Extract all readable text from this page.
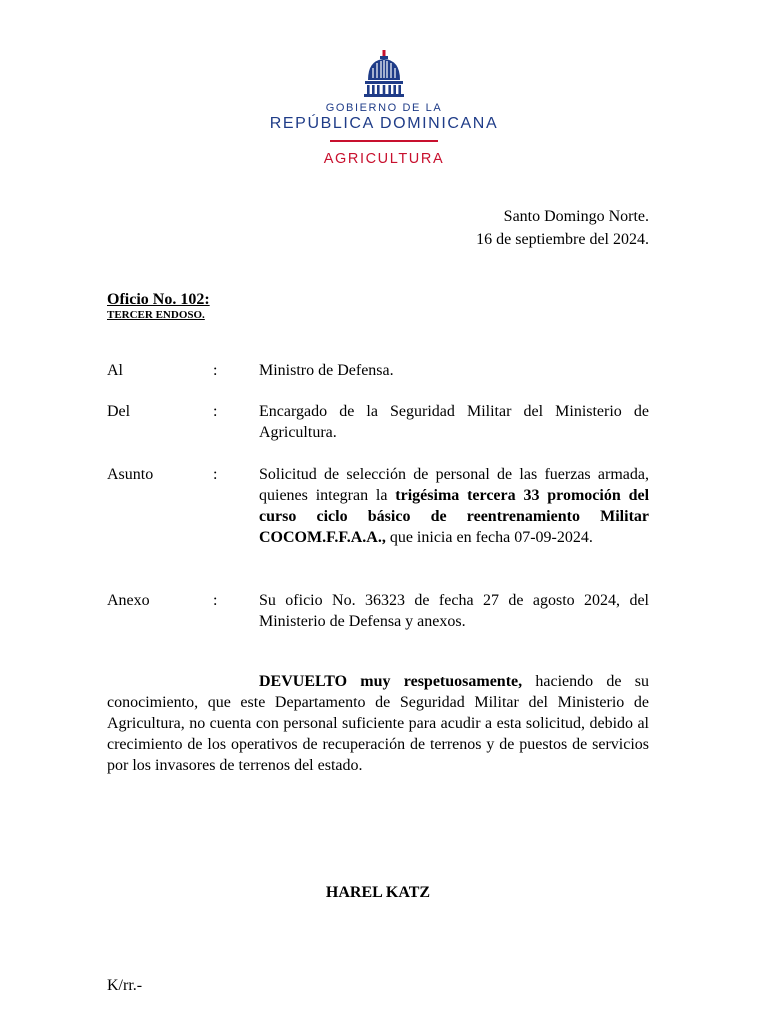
GOBIERNO DE LA
REPÚBLICA DOMINICANA
AGRICULTURA
Santo Domingo Norte.
16 de septiembre del 2024.
Oficio No. 102:
TERCER ENDOSO.
Al	:	Ministro de Defensa.
Del	:	Encargado de la Seguridad Militar del Ministerio de Agricultura.
Asunto	:	Solicitud de selección de personal de las fuerzas armada, quienes integran la trigésima tercera 33 promoción del curso ciclo básico de reentrenamiento Militar COCOM.F.F.A.A., que inicia en fecha 07-09-2024.
Anexo	:	Su oficio No. 36323 de fecha 27 de agosto 2024, del Ministerio de Defensa y anexos.
DEVUELTO muy respetuosamente, haciendo de su conocimiento, que este Departamento de Seguridad Militar del Ministerio de Agricultura, no cuenta con personal suficiente para acudir a esta solicitud, debido al crecimiento de los operativos de recuperación de terrenos y de puestos de servicios por los invasores de terrenos del estado.
HAREL KATZ
K/rr.-
